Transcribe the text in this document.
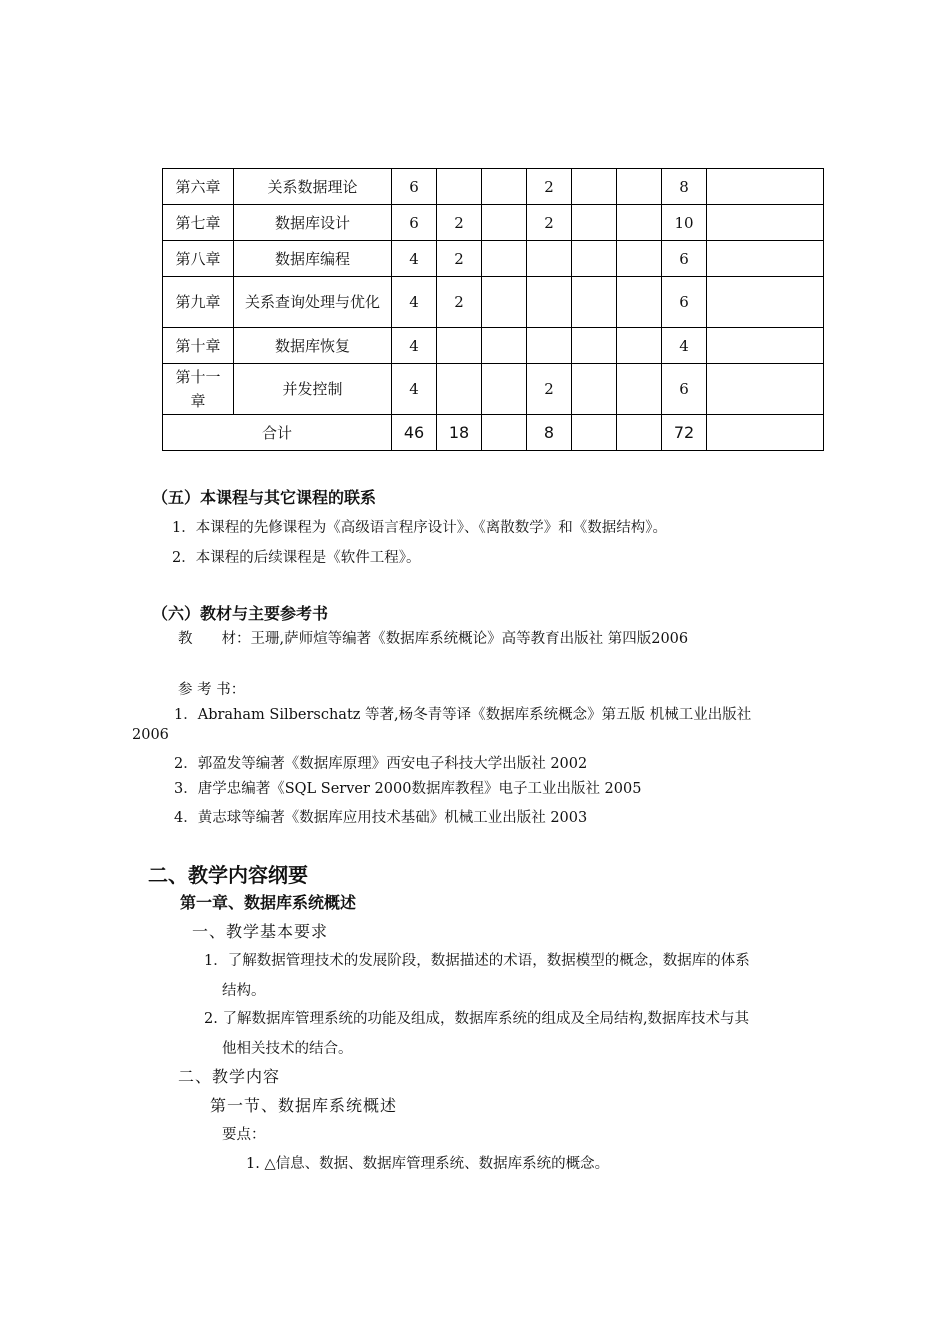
第六章	关系数据理论	6			2			8	
第七章	数据库设计	6	2		2			10	
第八章	数据库编程	4	2					6	
第九章	关系查询处理与优化	4	2					6	
第十章	数据库恢复	4						4	
第十一章	并发控制	4			2			6	
合计		46	18		8			72	
（五）本课程与其它课程的联系
1．本课程的先修课程为《高级语言程序设计》、《离散数学》和《数据结构》。
2．本课程的后续课程是《软件工程》。
（六）教材与主要参考书
教　　材：王珊,萨师煊等编著《数据库系统概论》高等教育出版社 第四版2006
参 考 书：
1．Abraham Silberschatz 等著,杨冬青等译《数据库系统概念》第五版 机械工业出版社
2006
2．郭盈发等编著《数据库原理》西安电子科技大学出版社 2002
3．唐学忠编著《SQL Server 2000数据库教程》电子工业出版社 2005
4．黄志球等编著《数据库应用技术基础》机械工业出版社 2003
二、教学内容纲要
第一章、数据库系统概述
一、教学基本要求
1．了解数据管理技术的发展阶段，数据描述的术语，数据模型的概念，数据库的体系
结构。
2. 了解数据库管理系统的功能及组成，数据库系统的组成及全局结构,数据库技术与其
他相关技术的结合。
二、教学内容
第一节、数据库系统概述
要点：
1. △信息、数据、数据库管理系统、数据库系统的概念。
